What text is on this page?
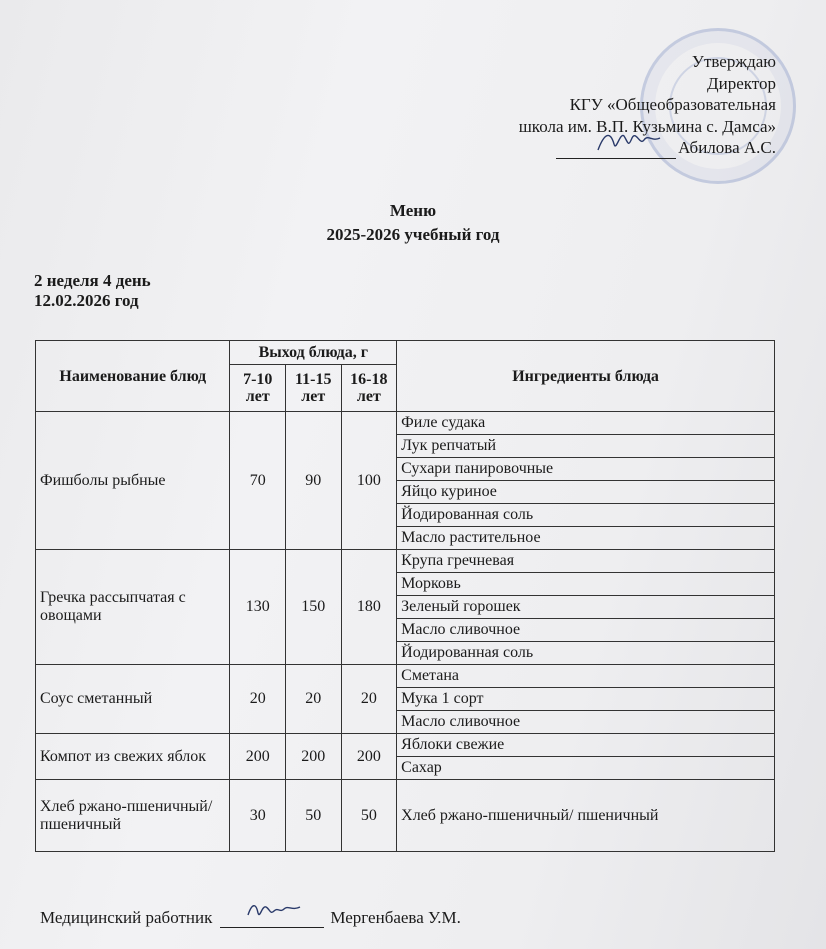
Утверждаю
Директор
КГУ «Общеобразовательная
школа им. В.П. Кузьмина с. Дамса»
Абилова А.С.
Меню
2025-2026 учебный год
2 неделя 4 день
12.02.2026 год
Наименование блюд	Выход блюда, г			Ингредиенты блюда
	7-10 лет	11-15 лет	16-18 лет	
Фишболы рыбные	70	90	100	Филе судака
				Лук репчатый
				Сухари панировочные
				Яйцо куриное
				Йодированная соль
				Масло растительное
Гречка рассыпчатая с овощами	130	150	180	Крупа гречневая
				Морковь
				Зеленый горошек
				Масло сливочное
				Йодированная соль
Соус сметанный	20	20	20	Сметана
				Мука 1 сорт
				Масло сливочное
Компот из свежих яблок	200	200	200	Яблоки свежие
				Сахар
Хлеб ржано-пшеничный/ пшеничный	30	50	50	Хлеб ржано-пшеничный/ пшеничный
Медицинский работник	Мергенбаева У.М.
